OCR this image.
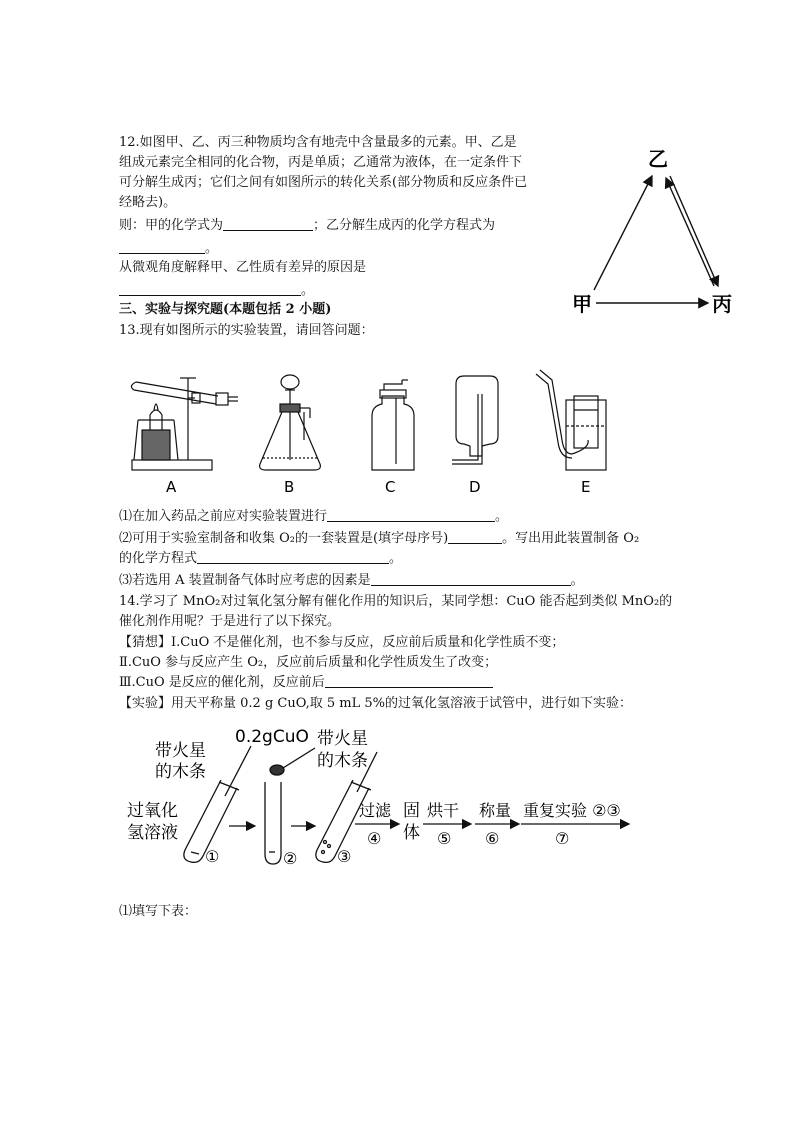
12.如图甲、乙、丙三种物质均含有地壳中含量最多的元素。甲、乙是
组成元素完全相同的化合物，丙是单质；乙通常为液体，在一定条件下
可分解生成丙；它们之间有如图所示的转化关系(部分物质和反应条件已
经略去)。
则：甲的化学式为	；乙分解生成丙的化学方程式为
。
从微观角度解释甲、乙性质有差异的原因是
。
乙
甲	丙
三、实验与探究题(本题包括 2 小题)
13.现有如图所示的实验装置，请回答问题：
A	B	C	D	E
⑴在加入药品之前应对实验装置进行	。
⑵可用于实验室制备和收集 O₂的一套装置是(填字母序号)	。写出用此装置制备 O₂
的化学方程式	。
⑶若选用 A 装置制备气体时应考虑的因素是	。
14.学习了 MnO₂对过氧化氢分解有催化作用的知识后，某同学想：CuO 能否起到类似 MnO₂的
催化剂作用呢？于是进行了以下探究。
【猜想】Ⅰ.CuO 不是催化剂，也不参与反应，反应前后质量和化学性质不变；
Ⅱ.CuO 参与反应产生 O₂，反应前后质量和化学性质发生了改变；
Ⅲ.CuO 是反应的催化剂，反应前后
【实验】用天平称量 0.2 g CuO,取 5 mL 5%的过氧化氢溶液于试管中，进行如下实验：
带火星
的木条
过氧化
氢溶液
①
0.2gCuO
②
带火星
的木条
③
过滤
④
固
体
烘干
⑤
称量
⑥
重复实验 ②③
⑦
⑴填写下表：
